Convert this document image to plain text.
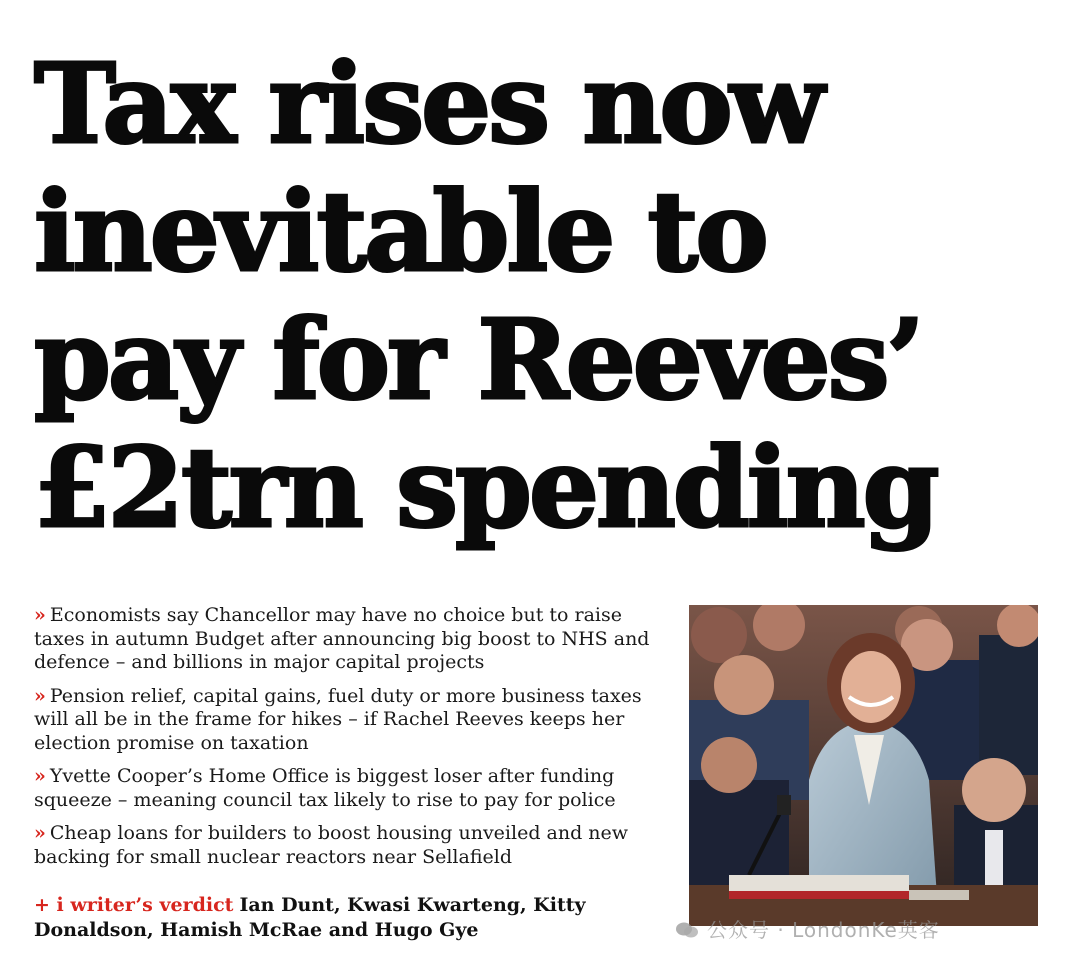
Tax rises now
inevitable to
pay for Reeves’
£2trn spending

» Economists say Chancellor may have no choice but to raise taxes in autumn Budget after announcing big boost to NHS and defence – and billions in major capital projects

» Pension relief, capital gains, fuel duty or more business taxes will all be in the frame for hikes – if Rachel Reeves keeps her election promise on taxation

» Yvette Cooper’s Home Office is biggest loser after funding squeeze – meaning council tax likely to rise to pay for police

» Cheap loans for builders to boost housing unveiled and new backing for small nuclear reactors near Sellafield

+ i writer’s verdict Ian Dunt, Kwasi Kwarteng, Kitty Donaldson, Hamish McRae and Hugo Gye	公众号 · LondonKe英客
